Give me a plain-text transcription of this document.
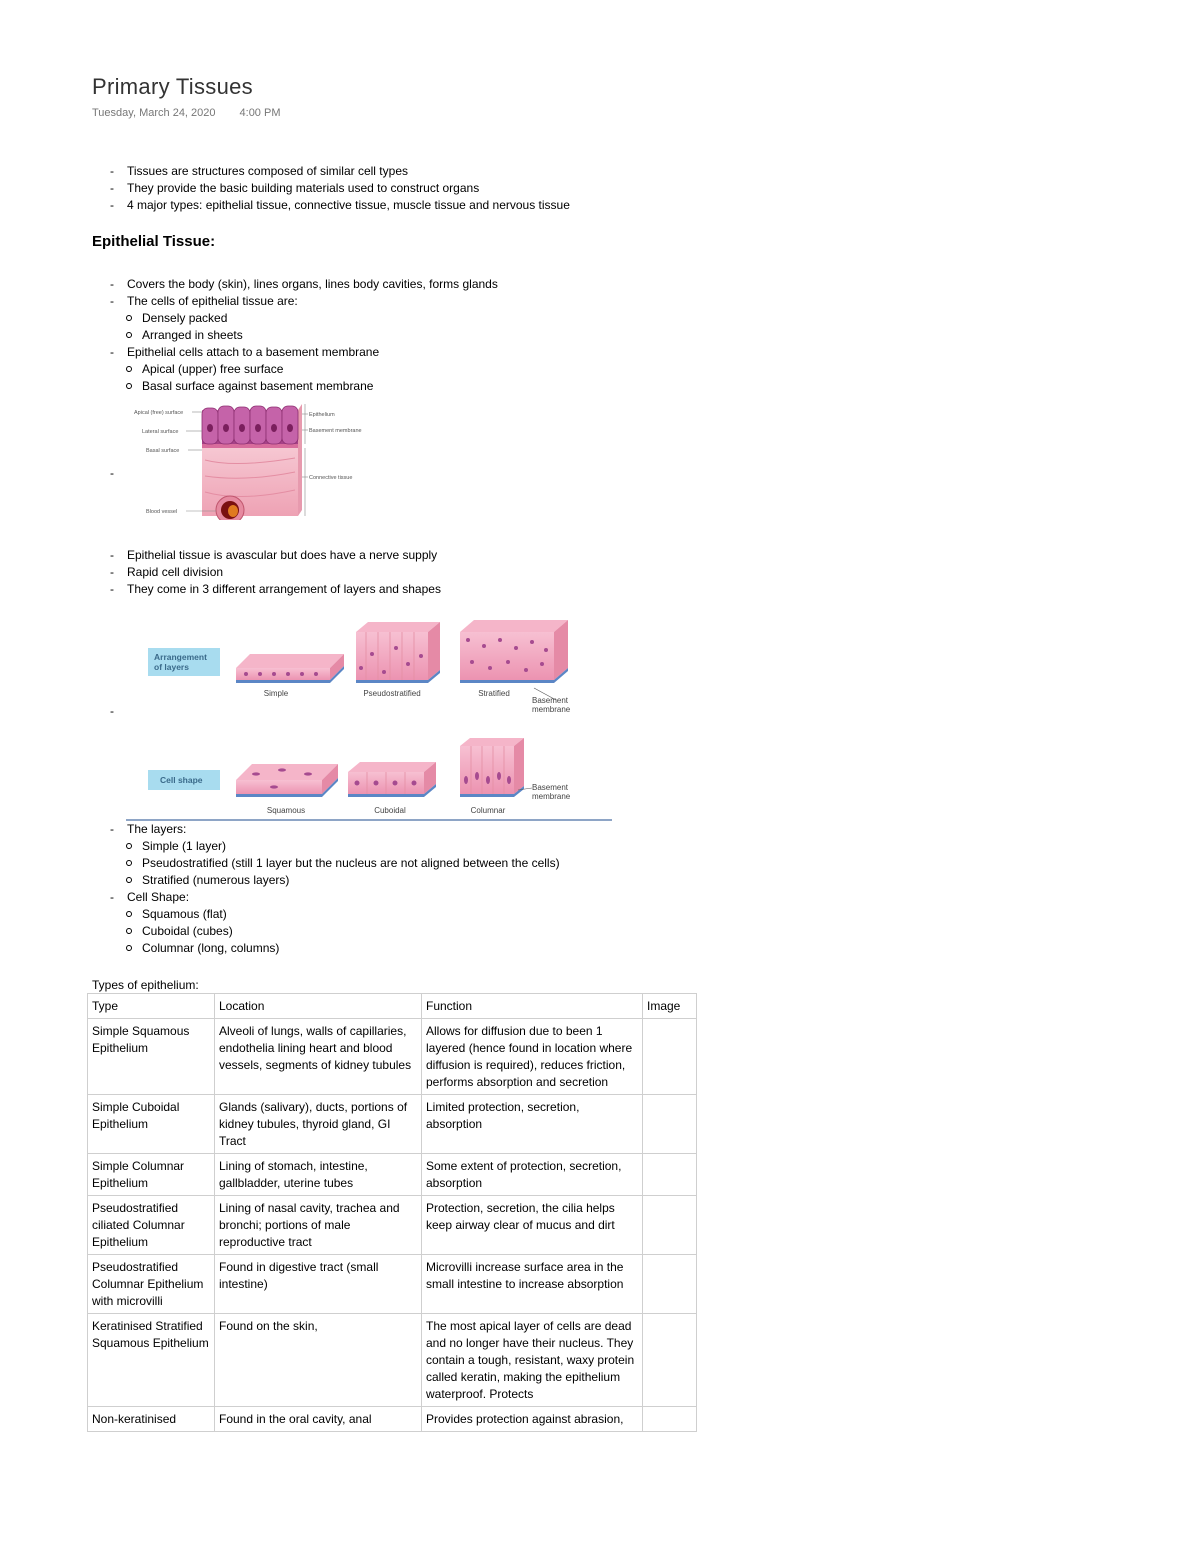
Primary Tissues
Tuesday, March 24, 2020 4:00 PM
- Tissues are structures composed of similar cell types
- They provide the basic building materials used to construct organs
- 4 major types: epithelial tissue, connective tissue, muscle tissue and nervous tissue
Epithelial Tissue:
- Covers the body (skin), lines organs, lines body cavities, forms glands
- The cells of epithelial tissue are:
Densely packed
Arranged in sheets
- Epithelial cells attach to a basement membrane
Apical (upper) free surface
Basal surface against basement membrane
-
Apical (free) surface
Lateral surface
Basal surface
Blood vessel
Epithelium
Basement membrane
Connective tissue
- Epithelial tissue is avascular but does have a nerve supply
- Rapid cell division
- They come in 3 different arrangement of layers and shapes
-
Arrangement
of layers
Simple	Pseudostratified	Stratified
Basement
membrane
Cell shape
Squamous	Cuboidal	Columnar
Basement
membrane
- The layers:
Simple (1 layer)
Pseudostratified (still 1 layer but the nucleus are not aligned between the cells)
Stratified (numerous layers)
- Cell Shape:
Squamous (flat)
Cuboidal (cubes)
Columnar (long, columns)
Types of epithelium:
Type	Location	Function	Image
Simple Squamous Epithelium	Alveoli of lungs, walls of capillaries, endothelia lining heart and blood vessels, segments of kidney tubules	Allows for diffusion due to been 1 layered (hence found in location where diffusion is required), reduces friction, performs absorption and secretion	
Simple Cuboidal Epithelium	Glands (salivary), ducts, portions of kidney tubules, thyroid gland, GI Tract	Limited protection, secretion, absorption	
Simple Columnar Epithelium	Lining of stomach, intestine, gallbladder, uterine tubes	Some extent of protection, secretion, absorption	
Pseudostratified ciliated Columnar Epithelium	Lining of nasal cavity, trachea and bronchi; portions of male reproductive tract	Protection, secretion, the cilia helps keep airway clear of mucus and dirt	
Pseudostratified Columnar Epithelium with microvilli	Found in digestive tract (small intestine)	Microvilli increase surface area in the small intestine to increase absorption	
Keratinised Stratified Squamous Epithelium	Found on the skin,	The most apical layer of cells are dead and no longer have their nucleus. They contain a tough, resistant, waxy protein called keratin, making the epithelium waterproof. Protects	
Non-keratinised	Found in the oral cavity, anal	Provides protection against abrasion,	
